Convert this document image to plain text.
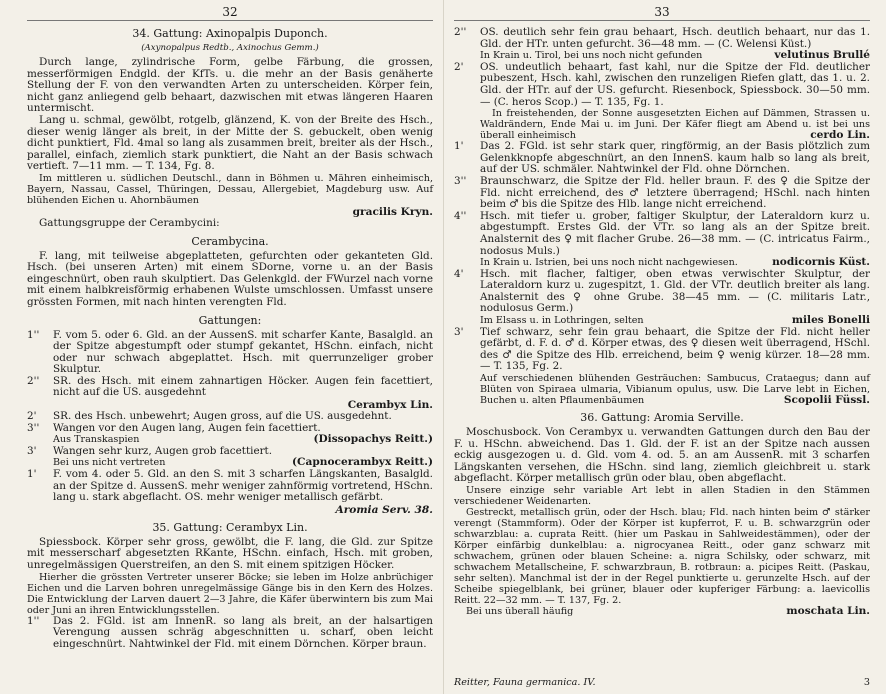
32
34. Gattung: Axinopalpis Duponch.
(Axynopalpus Redtb., Axinochus Gemm.)

Durch lange, zylindrische Form, gelbe Färbung, die grossen, messerförmigen Endgld. der KfTs. u. die mehr an der Basis genäherte Stellung der F. von den verwandten Arten zu unterscheiden. Körper fein, nicht ganz anliegend gelb behaart, dazwischen mit etwas längeren Haaren untermischt.

Lang u. schmal, gewölbt, rotgelb, glänzend, K. von der Breite des Hsch., dieser wenig länger als breit, in der Mitte der S. gebuckelt, oben wenig dicht punktiert, Fld. 4mal so lang als zusammen breit, breiter als der Hsch., parallel, einfach, ziemlich stark punktiert, die Naht an der Basis schwach vertieft. 7—11 mm. — T. 134, Fg. 8.

Im mittleren u. südlichen Deutschl., dann in Böhmen u. Mähren einheimisch, Bayern, Nassau, Cassel, Thüringen, Dessau, Allergebiet, Magdeburg usw. Auf blühenden Eichen u. Ahornbäumen

gracilis Kryn.

Gattungsgruppe der Cerambycini:

Cerambycina.

F. lang, mit teilweise abgeplatteten, gefurchten oder gekanteten Gld. Hsch. (bei unseren Arten) mit einem SDorne, vorne u. an der Basis eingeschnürt, oben rauh skulptiert. Das Gelenkgld. der FWurzel nach vorne mit einem halbkreisförmig erhabenen Wulste umschlossen. Umfasst unsere grössten Formen, mit nach hinten verengten Fld.

Gattungen:
1''	F. vom 5. oder 6. Gld. an der AussenS. mit scharfer Kante, Basalgld. an der Spitze abgestumpft oder stumpf gekantet, HSchn. einfach, nicht oder nur schwach abgeplattet. Hsch. mit querrunzeliger grober Skulptur.
2''	SR. des Hsch. mit einem zahnartigen Höcker. Augen fein facettiert, nicht auf die US. ausgedehnt
Cerambyx Lin.
2'	SR. des Hsch. unbewehrt; Augen gross, auf die US. ausgedehnt.
3''	Wangen vor den Augen lang, Augen fein facettiert.
Aus Transkaspien	(Dissopachys Reitt.)
3'	Wangen sehr kurz, Augen grob facettiert.
Bei uns nicht vertreten	(Capnocerambyx Reitt.)
1'	F. vom 4. oder 5. Gld. an den S. mit 3 scharfen Längskanten, Basalgld. an der Spitze d. AussenS. mehr weniger zahnförmig vortretend, HSchn. lang u. stark abgeflacht. OS. mehr weniger metallisch gefärbt.
Aromia Serv. 38.
35. Gattung: Cerambyx Lin.

Spiessbock. Körper sehr gross, gewölbt, die F. lang, die Gld. zur Spitze mit messerscharf abgesetzten RKante, HSchn. einfach, Hsch. mit groben, unregelmässigen Querstreifen, an den S. mit einem spitzigen Höcker.

Hierher die grössten Vertreter unserer Böcke; sie leben im Holze anbrüchiger Eichen und die Larven bohren unregelmässige Gänge bis in den Kern des Holzes. Die Entwicklung der Larven dauert 2—3 Jahre, die Käfer überwintern bis zum Mai oder Juni an ihren Entwicklungsstellen.

1''	Das 2. FGld. ist am InnenR. so lang als breit, an der halsartigen Verengung aussen schräg abgeschnitten u. scharf, oben leicht eingeschnürt. Nahtwinkel der Fld. mit einem Dörnchen. Körper braun.
33
2''	OS. deutlich sehr fein grau behaart, Hsch. deutlich behaart, nur das 1. Gld. der HTr. unten gefurcht. 36—48 mm. — (C. Welensi Küst.)
In Krain u. Tirol, bei uns noch nicht gefunden	velutinus Brullé
2'	OS. undeutlich behaart, fast kahl, nur die Spitze der Fld. deutlicher pubeszent, Hsch. kahl, zwischen den runzeligen Riefen glatt, das 1. u. 2. Gld. der HTr. auf der US. gefurcht. Riesenbock, Spiessbock. 30—50 mm. — (C. heros Scop.) — T. 135, Fg. 1.

In freistehenden, der Sonne ausgesetzten Eichen auf Dämmen, Strassen u. Waldrändern, Ende Mai u. im Juni. Der Käfer fliegt am Abend u. ist bei uns überall einheimisch	cerdo Lin.

1'	Das 2. FGld. ist sehr stark quer, ringförmig, an der Basis plötzlich zum Gelenkknopfe abgeschnürt, an den InnenS. kaum halb so lang als breit, auf der US. schmäler. Nahtwinkel der Fld. ohne Dörnchen.
3''	Braunschwarz, die Spitze der Fld. heller braun. F. des ♀ die Spitze der Fld. nicht erreichend, des ♂ letztere überragend; HSchl. nach hinten beim ♂ bis die Spitze des Hlb. lange nicht erreichend.
4''	Hsch. mit tiefer u. grober, faltiger Skulptur, der Lateraldorn kurz u. abgestumpft. Erstes Gld. der VTr. so lang als an der Spitze breit. Analsternit des ♀ mit flacher Grube. 26—38 mm. — (C. intricatus Fairm., nodosus Muls.)
In Krain u. Istrien, bei uns noch nicht nachgewiesen.	nodicornis Küst.
4'	Hsch. mit flacher, faltiger, oben etwas verwischter Skulptur, der Lateraldorn kurz u. zugespitzt, 1. Gld. der VTr. deutlich breiter als lang. Analsternit des ♀ ohne Grube. 38—45 mm. — (C. militaris Latr., nodulosus Germ.)
Im Elsass u. in Lothringen, selten	miles Bonelli
3'	Tief schwarz, sehr fein grau behaart, die Spitze der Fld. nicht heller gefärbt, d. F. d. ♂ d. Körper etwas, des ♀ diesen weit überragend, HSchl. des ♂ die Spitze des Hlb. erreichend, beim ♀ wenig kürzer. 18—28 mm. — T. 135, Fg. 2.

Auf verschiedenen blühenden Gesträuchen: Sambucus, Crataegus; dann auf Blüten von Spiraea ulmaria, Vibianum opulus, usw. Die Larve lebt in Eichen, Buchen u. alten Pflaumenbäumen	Scopolii Füssl.

36. Gattung: Aromia Serville.

Moschusbock. Von Cerambyx u. verwandten Gattungen durch den Bau der F. u. HSchn. abweichend. Das 1. Gld. der F. ist an der Spitze nach aussen eckig ausgezogen u. d. Gld. vom 4. od. 5. an am AussenR. mit 3 scharfen Längskanten versehen, die HSchn. sind lang, ziemlich gleichbreit u. stark abgeflacht. Körper metallisch grün oder blau, oben abgeflacht.

Unsere einzige sehr variable Art lebt in allen Stadien in den Stämmen verschiedener Weidenarten.

Gestreckt, metallisch grün, oder der Hsch. blau; Fld. nach hinten beim ♂ stärker verengt (Stammform). Oder der Körper ist kupferrot, F. u. B. schwarzgrün oder schwarzblau: a. cuprata Reitt. (hier um Paskau in Sahlweidestämmen), oder der Körper einfärbig dunkelblau: a. nigrocyanea Reitt., oder ganz schwarz mit schwachem, grünen oder blauen Scheine: a. nigra Schilsky, oder schwarz, mit schwachem Metallscheine, F. schwarzbraun, B. rotbraun: a. picipes Reitt. (Paskau, sehr selten). Manchmal ist der in der Regel punktierte u. gerunzelte Hsch. auf der Scheibe spiegelblank, bei grüner, blauer oder kupferiger Färbung: a. laevicollis Reitt. 22—32 mm. — T. 137, Fg. 2.

Bei uns überall häufig	moschata Lin.
Reitter, Fauna germanica. IV.	3
